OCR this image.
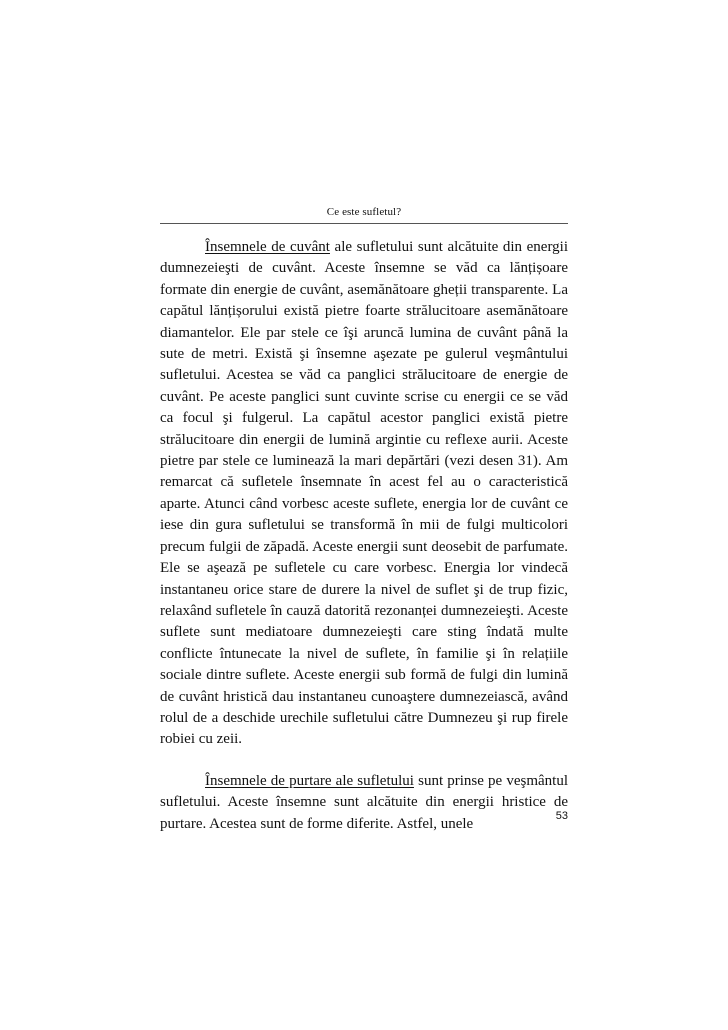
Ce este sufletul?

Însemnele de cuvânt ale sufletului sunt alcătuite din energii dumnezeieşti de cuvânt. Aceste însemne se văd ca lănțișoare formate din energie de cuvânt, asemănătoare gheții transparente. La capătul lănțișorului există pietre foarte strălucitoare asemănătoare diamantelor. Ele par stele ce îşi aruncă lumina de cuvânt până la sute de metri. Există şi însemne aşezate pe gulerul veşmântului sufletului. Acestea se văd ca panglici strălucitoare de energie de cuvânt. Pe aceste panglici sunt cuvinte scrise cu energii ce se văd ca focul şi fulgerul. La capătul acestor panglici există pietre strălucitoare din energii de lumină argintie cu reflexe aurii. Aceste pietre par stele ce luminează la mari depărtări (vezi desen 31). Am remarcat că sufletele însemnate în acest fel au o caracteristică aparte. Atunci când vorbesc aceste suflete, energia lor de cuvânt ce iese din gura sufletului se transformă în mii de fulgi multicolori precum fulgii de zăpadă. Aceste energii sunt deosebit de parfumate. Ele se aşează pe sufletele cu care vorbesc. Energia lor vindecă instantaneu orice stare de durere la nivel de suflet şi de trup fizic, relaxând sufletele în cauză datorită rezonanței dumnezeieşti. Aceste suflete sunt mediatoare dumnezeieşti care sting îndată multe conflicte întunecate la nivel de suflete, în familie şi în relațiile sociale dintre suflete. Aceste energii sub formă de fulgi din lumină de cuvânt hristică dau instantaneu cunoaştere dumnezeiască, având rolul de a deschide urechile sufletului către Dumnezeu şi rup firele robiei cu zeii.

Însemnele de purtare ale sufletului sunt prinse pe veşmântul sufletului. Aceste însemne sunt alcătuite din energii hristice de purtare. Acestea sunt de forme diferite. Astfel, unele	53
